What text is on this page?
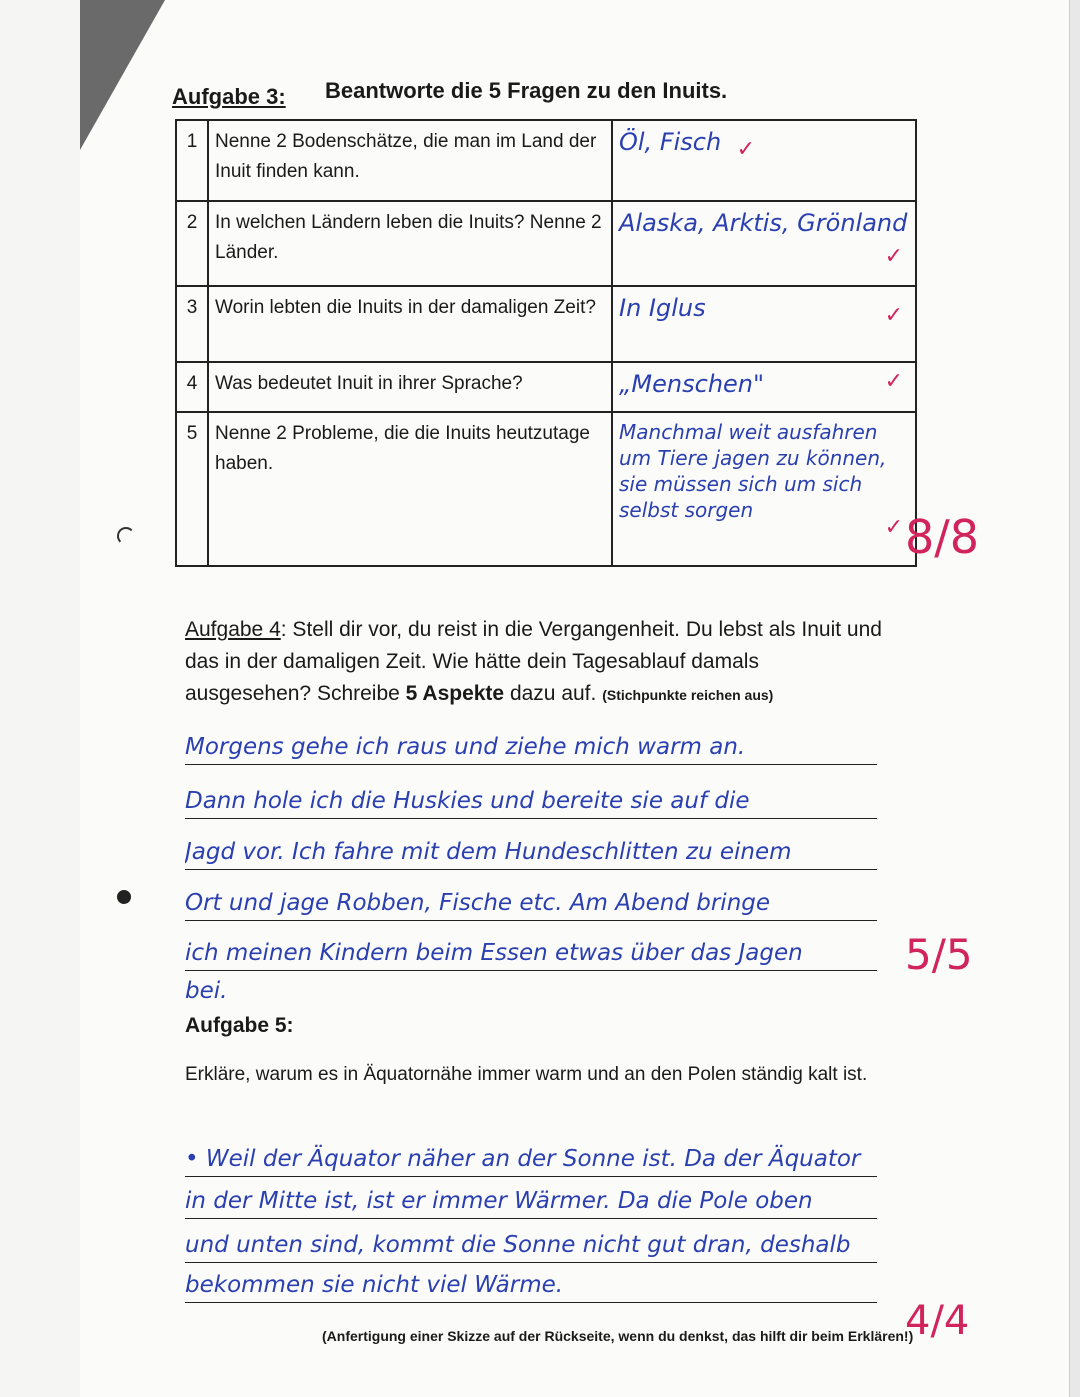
Aufgabe 3: Beantworte die 5 Fragen zu den Inuits.
1	Nenne 2 Bodenschätze, die man im Land der Inuit finden kann.	Öl, Fisch ✓

2	In welchen Ländern leben die Inuits? Nenne 2 Länder.	Alaska, Arktis, Grönland
✓

3	Worin lebten die Inuits in der damaligen Zeit?	In Iglus ✓

4	Was bedeutet Inuit in ihrer Sprache?	„Menschen" ✓

5	Nenne 2 Probleme, die die Inuits heutzutage haben.	Manchmal weit ausfahren um Tiere jagen zu können, sie müssen sich um sich selbst sorgen
✓ 8/8
Aufgabe 4: Stell dir vor, du reist in die Vergangenheit. Du lebst als Inuit und das in der damaligen Zeit. Wie hätte dein Tagesablauf damals ausgesehen? Schreibe 5 Aspekte dazu auf. (Stichpunkte reichen aus)
Morgens gehe ich raus und ziehe mich warm an.
Dann hole ich die Huskies und bereite sie auf die
Jagd vor. Ich fahre mit dem Hundeschlitten zu einem
Ort und jage Robben, Fische etc. Am Abend bringe
ich meinen Kindern beim Essen etwas über das Jagen
bei.
5/5
Aufgabe 5:
Erkläre, warum es in Äquatornähe immer warm und an den Polen ständig kalt ist.
• Weil der Äquator näher an der Sonne ist. Da der Äquator
in der Mitte ist, ist er immer Wärmer. Da die Pole oben
und unten sind, kommt die Sonne nicht gut dran, deshalb
bekommen sie nicht viel Wärme.
(Anfertigung einer Skizze auf der Rückseite, wenn du denkst, das hilft dir beim Erklären!)
4/4
